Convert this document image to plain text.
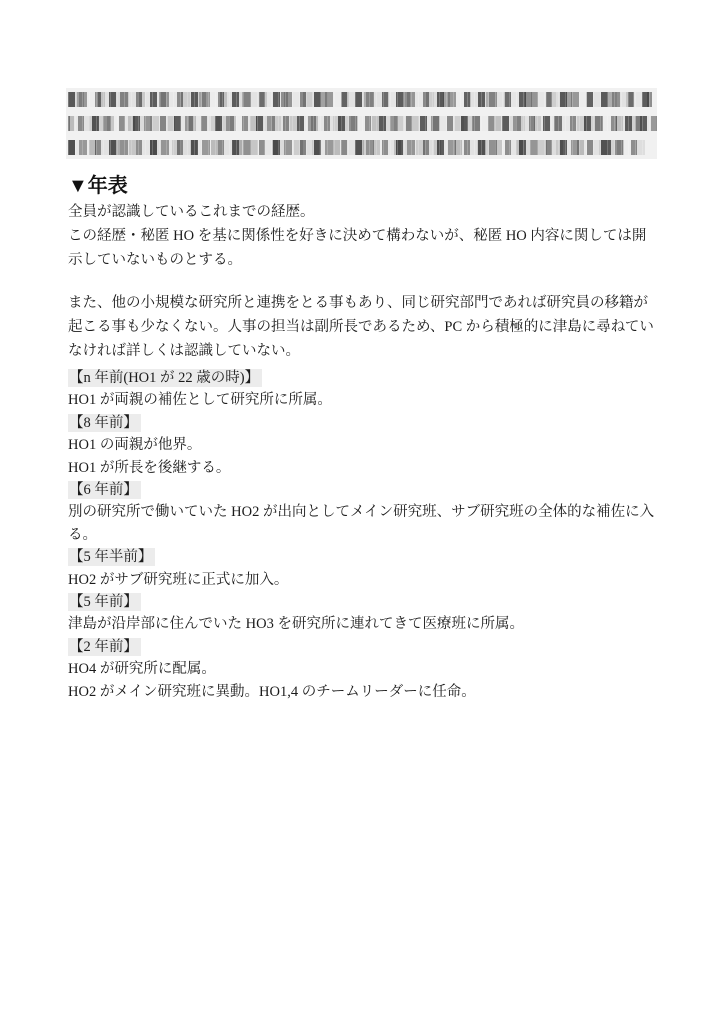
▼年表

全員が認識しているこれまでの経歴。

この経歴・秘匿 HO を基に関係性を好きに決めて構わないが、秘匿 HO 内容に関しては開示していないものとする。

また、他の小規模な研究所と連携をとる事もあり、同じ研究部門であれば研究員の移籍が起こる事も少なくない。人事の担当は副所長であるため、PC から積極的に津島に尋ねていなければ詳しくは認識していない。

【n 年前(HO1 が 22 歳の時)】
HO1 が両親の補佐として研究所に所属。
【8 年前】
HO1 の両親が他界。
HO1 が所長を後継する。
【6 年前】
別の研究所で働いていた HO2 が出向としてメイン研究班、サブ研究班の全体的な補佐に入る。
【5 年半前】
HO2 がサブ研究班に正式に加入。
【5 年前】
津島が沿岸部に住んでいた HO3 を研究所に連れてきて医療班に所属。
【2 年前】
HO4 が研究所に配属。
HO2 がメイン研究班に異動。HO1,4 のチームリーダーに任命。
